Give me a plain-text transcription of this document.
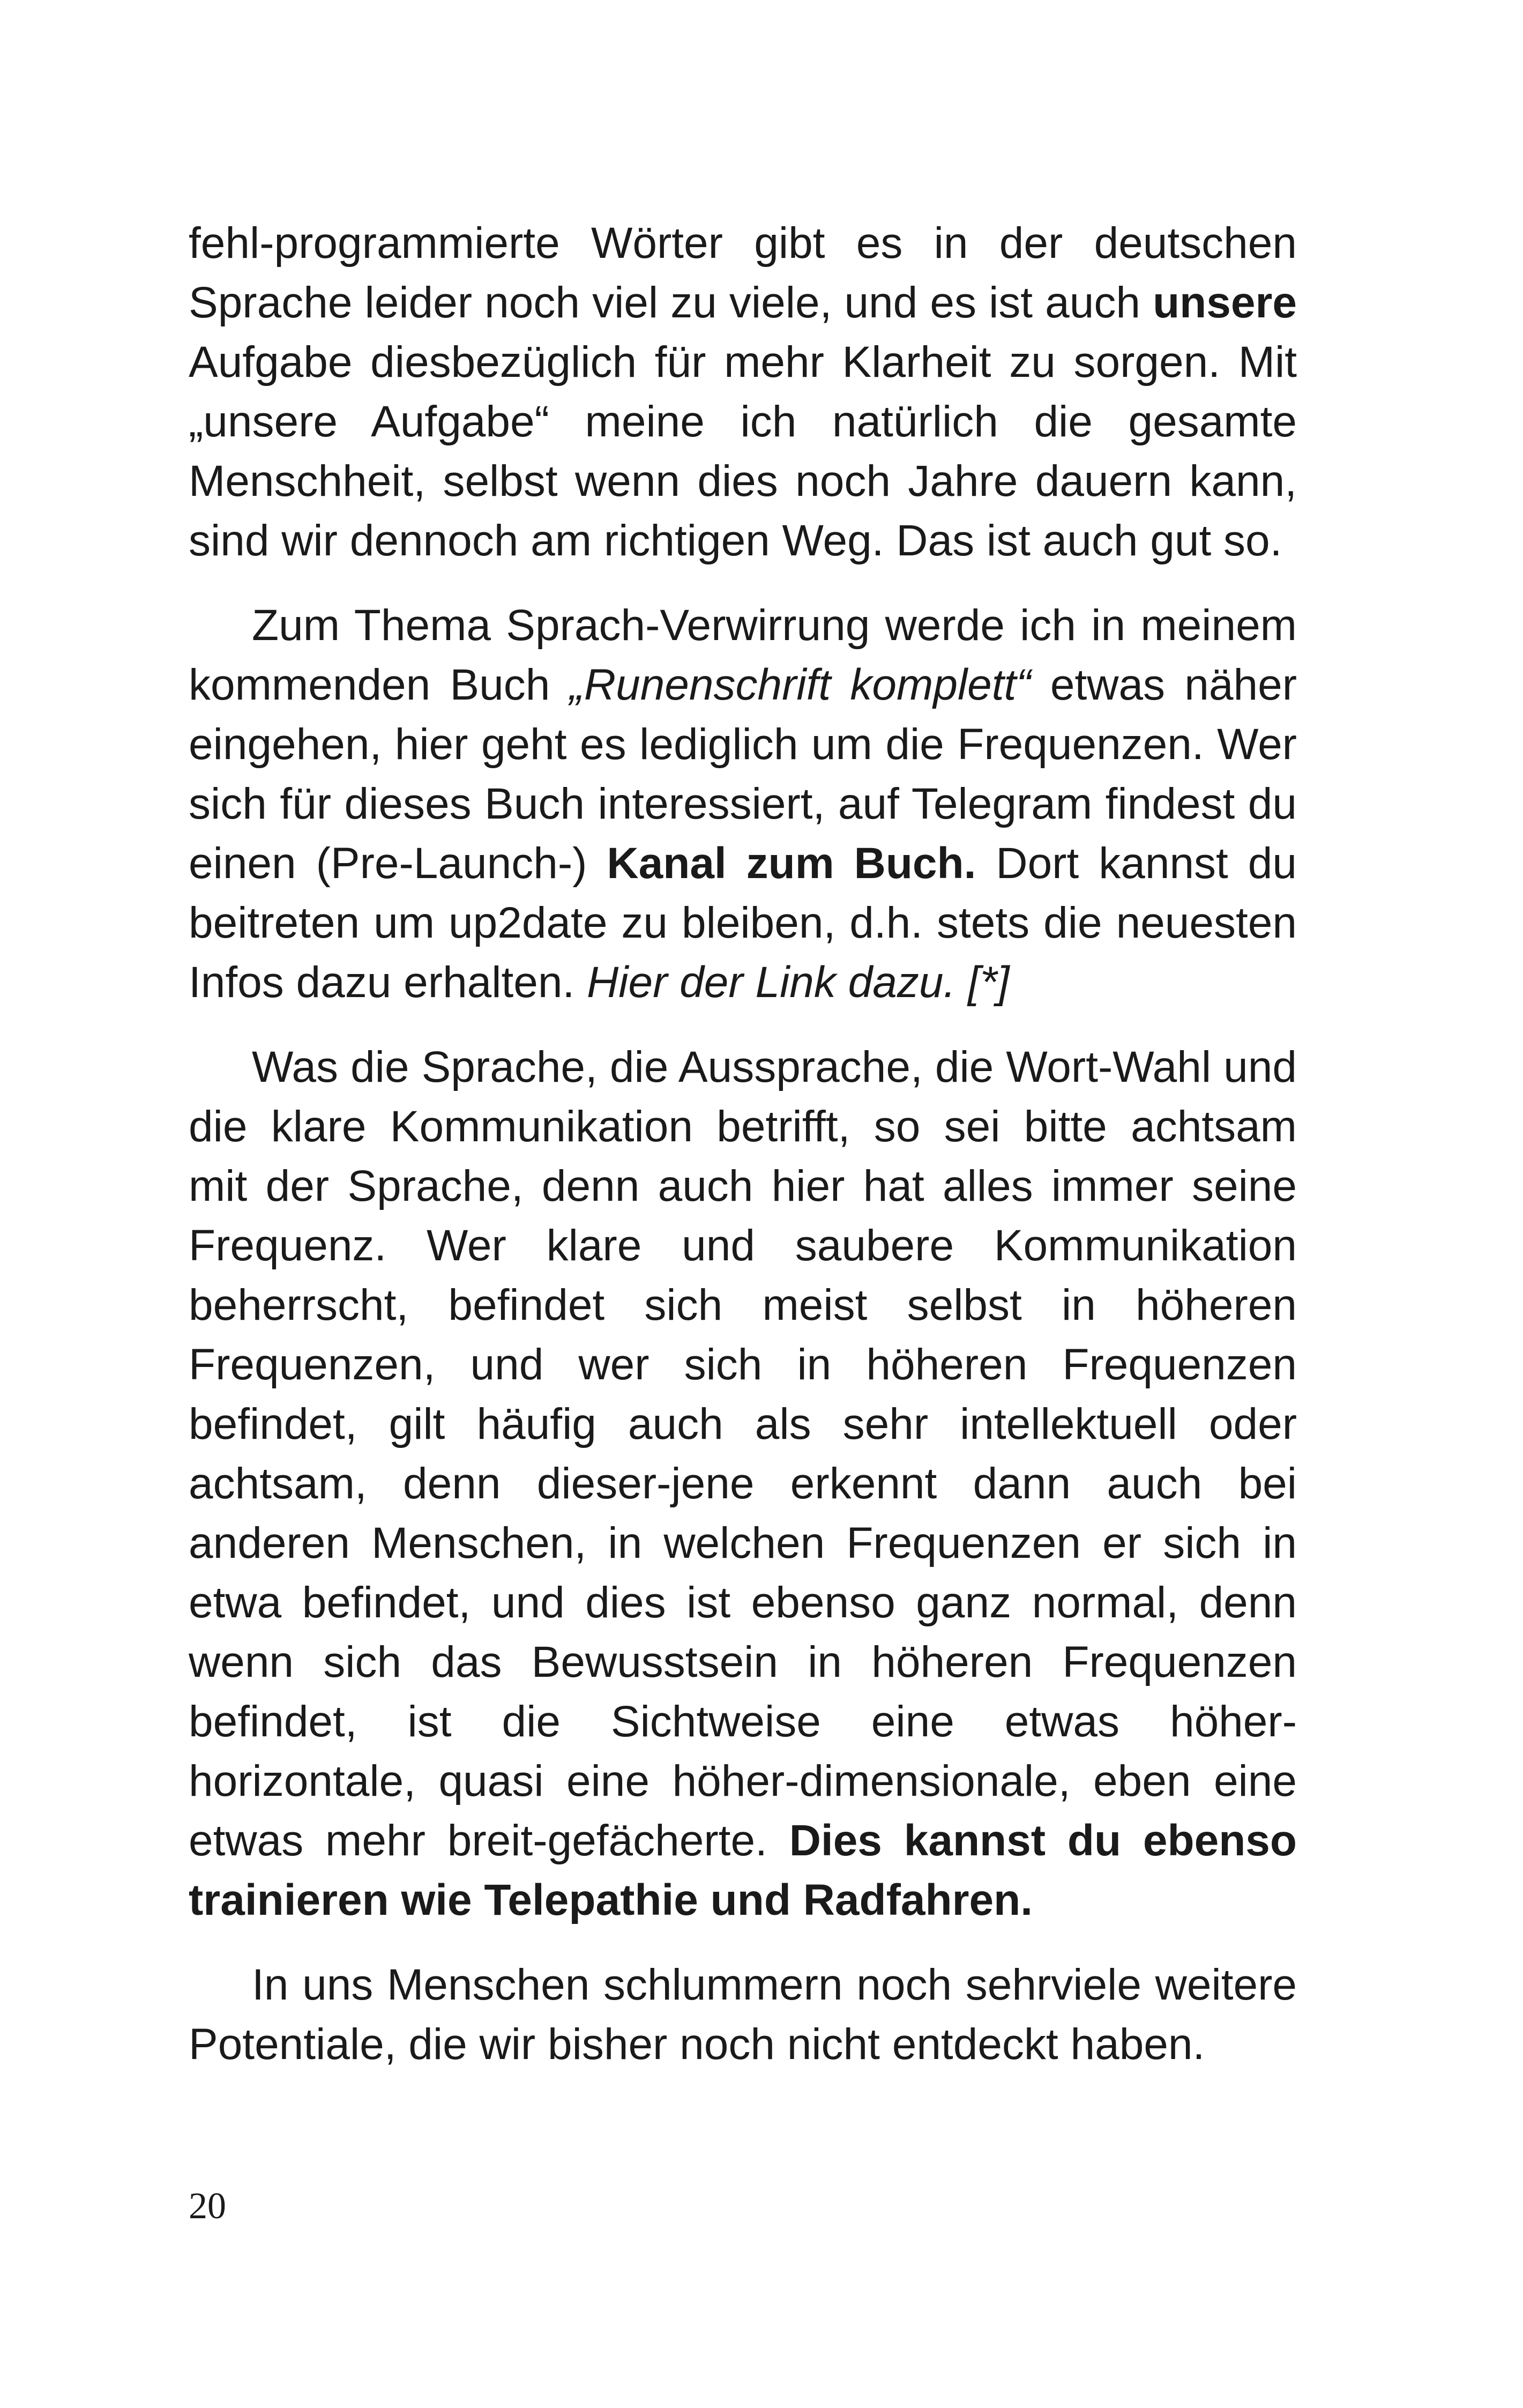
fehl-programmierte Wörter gibt es in der deutschen
Sprache leider noch viel zu viele, und es ist auch unsere
Aufgabe diesbezüglich für mehr Klarheit zu sorgen. Mit
„unsere Aufgabe“ meine ich natürlich die gesamte
Menschheit, selbst wenn dies noch Jahre dauern kann,
sind wir dennoch am richtigen Weg. Das ist auch gut so.
Zum Thema Sprach-Verwirrung werde ich in meinem
kommenden Buch „Runenschrift komplett“ etwas näher
eingehen, hier geht es lediglich um die Frequenzen. Wer
sich für dieses Buch interessiert, auf Telegram findest du
einen (Pre-Launch-) Kanal zum Buch. Dort kannst du
beitreten um up2date zu bleiben, d.h. stets die neuesten
Infos dazu erhalten. Hier der Link dazu. [*]
Was die Sprache, die Aussprache, die Wort-Wahl und
die klare Kommunikation betrifft, so sei bitte achtsam
mit der Sprache, denn auch hier hat alles immer seine
Frequenz. Wer klare und saubere Kommunikation
beherrscht, befindet sich meist selbst in höheren
Frequenzen, und wer sich in höheren Frequenzen
befindet, gilt häufig auch als sehr intellektuell oder
achtsam, denn dieser-jene erkennt dann auch bei
anderen Menschen, in welchen Frequenzen er sich in
etwa befindet, und dies ist ebenso ganz normal, denn
wenn sich das Bewusstsein in höheren Frequenzen
befindet, ist die Sichtweise eine etwas höher-
horizontale, quasi eine höher-dimensionale, eben eine
etwas mehr breit-gefächerte. Dies kannst du ebenso
trainieren wie Telepathie und Radfahren.
In uns Menschen schlummern noch sehrviele weitere
Potentiale, die wir bisher noch nicht entdeckt haben.
20
